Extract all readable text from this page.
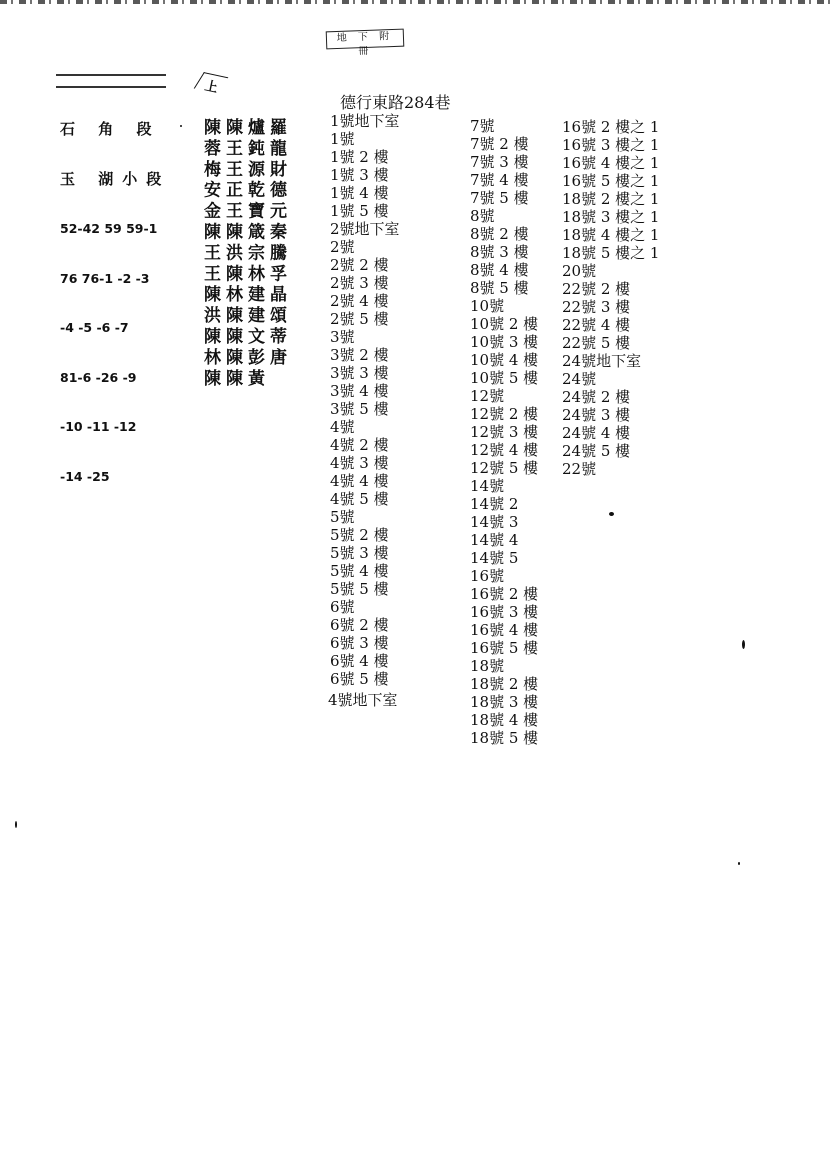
地 下 附 冊
上

石 角 段

玉 湖小段

52-42 59 59-1

76 76-1 -2 -3

-4 -5 -6 -7

81-6 -26 -9

-10 -11 -12

-14 -25

羅龍財德元秦騰孚晶頌蒂唐
爐鈍源乾寶箴宗林建建文彭黃
陳王王正王陳洪陳林陳陳陳陳
陳蓉梅安金陳王王陳洪陳林陳
德行東路284巷
1號地下室
1號
1號 2 樓
1號 3 樓
1號 4 樓
1號 5 樓
2號地下室
2號
2號 2 樓
2號 3 樓
2號 4 樓
2號 5 樓
3號
3號 2 樓
3號 3 樓
3號 4 樓
3號 5 樓
4號
4號 2 樓
4號 3 樓
4號 4 樓
4號 5 樓
5號
5號 2 樓
5號 3 樓
5號 4 樓
5號 5 樓
6號
6號 2 樓
6號 3 樓
6號 4 樓
6號 5 樓
7號
7號 2 樓
7號 3 樓
7號 4 樓
7號 5 樓
8號
8號 2 樓
8號 3 樓
8號 4 樓
8號 5 樓
10號
10號 2 樓
10號 3 樓
10號 4 樓
10號 5 樓
12號
12號 2 樓
12號 3 樓
12號 4 樓
12號 5 樓
14號
14號 2
14號 3
14號 4
14號 5
16號
16號 2 樓
16號 3 樓
16號 4 樓
16號 5 樓
18號
18號 2 樓
18號 3 樓
18號 4 樓
18號 5 樓
16號 2 樓之 1
16號 3 樓之 1
16號 4 樓之 1
16號 5 樓之 1
18號 2 樓之 1
18號 3 樓之 1
18號 4 樓之 1
18號 5 樓之 1
20號
22號 2 樓
22號 3 樓
22號 4 樓
22號 5 樓
24號地下室
24號
24號 2 樓
24號 3 樓
24號 4 樓
24號 5 樓
22號
4號地下室
